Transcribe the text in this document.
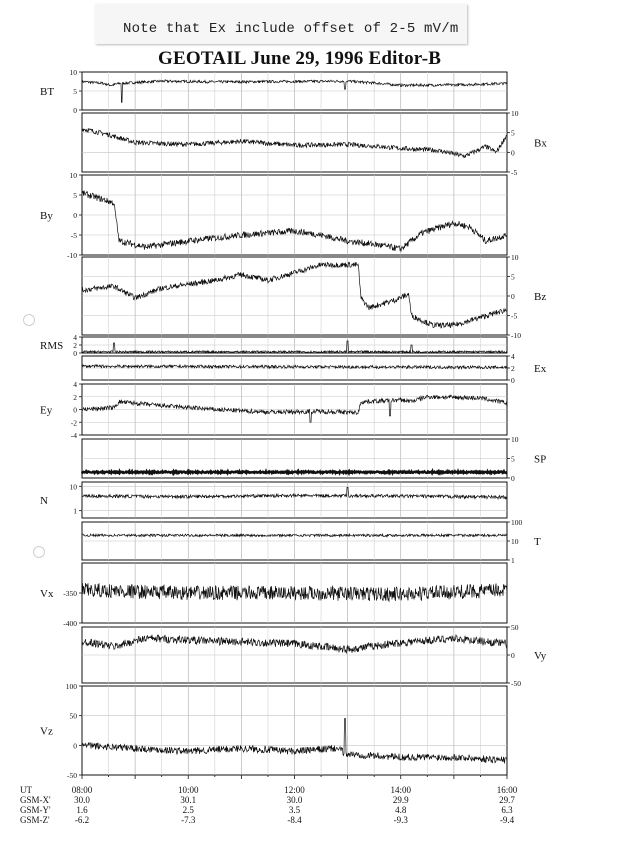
Note that Ex include offset of 2-5 mV/m
GEOTAIL June 29, 1996 Editor-B
0
5
10
BT
-5
0
5
10
Bx
-10
-5
0
5
10
By
-10
-5
0
5
10
Bz
0
2
4
RMS
0
2
4
Ex
-4
-2
0
2
4
Ey
0
5
10
SP
1
10
N
1
10
100
T
-400
-350
Vx
-50
0
50
Vy
-50
0
50
100
Vz
UT	08:00	10:00	12:00	14:00	16:00
GSM-X'	30.0	30.1	30.0	29.9	29.7
GSM-Y'	1.6	2.5	3.5	4.8	6.3
GSM-Z'	-6.2	-7.3	-8.4	-9.3	-9.4
